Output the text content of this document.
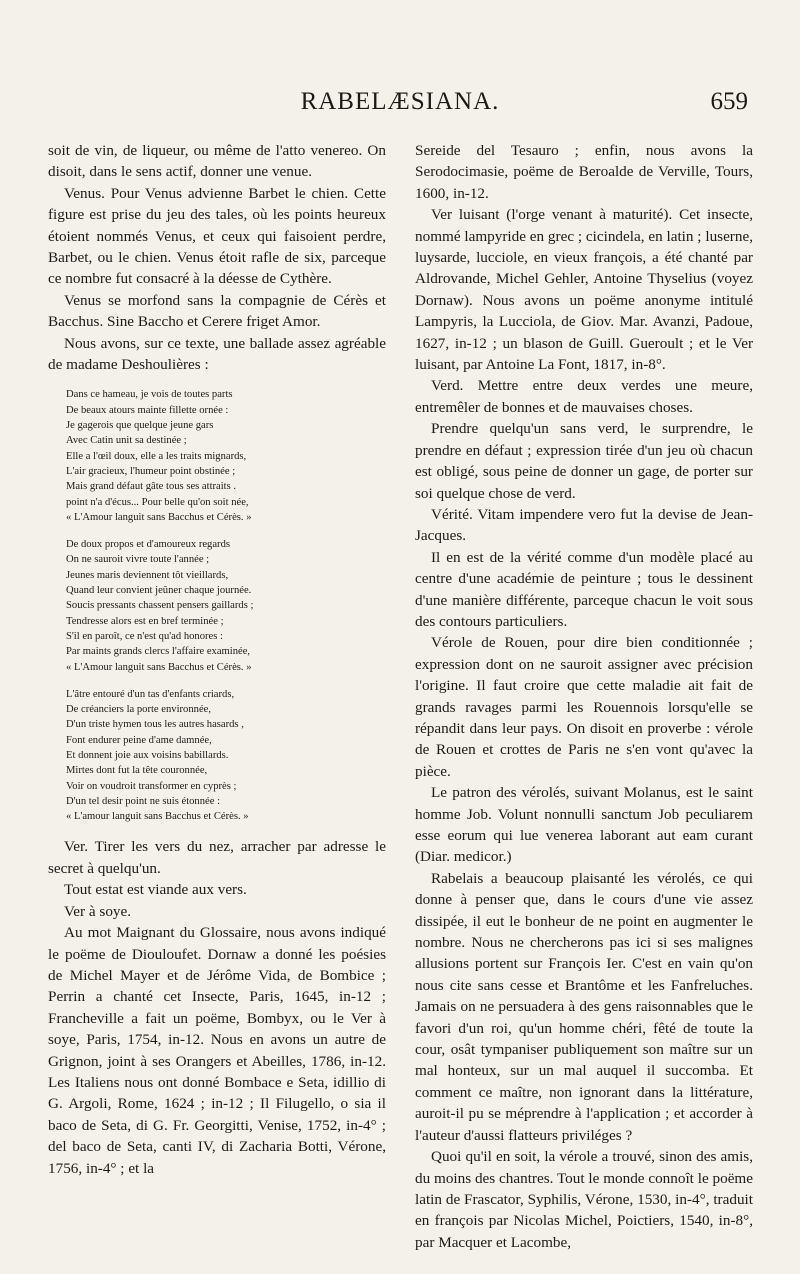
RABELÆSIANA.	659

soit de vin, de liqueur, ou même de l'atto venereo. On disoit, dans le sens actif, donner une venue.

Venus. Pour Venus advienne Barbet le chien. Cette figure est prise du jeu des tales, où les points heureux étoient nommés Venus, et ceux qui faisoient perdre, Barbet, ou le chien. Venus étoit rafle de six, parceque ce nombre fut consacré à la déesse de Cythère.

Venus se morfond sans la compagnie de Cérès et Bacchus. Sine Baccho et Cerere friget Amor.

Nous avons, sur ce texte, une ballade assez agréable de madame Deshoulières :

Dans ce hameau, je vois de toutes parts
De beaux atours mainte fillette ornée :
Je gagerois que quelque jeune gars
Avec Catin unit sa destinée ;
Elle a l'œil doux, elle a les traits mignards,
L'air gracieux, l'humeur point obstinée ;
Mais grand défaut gâte tous ses attraits .
point n'a d'écus... Pour belle qu'on soit née,
« L'Amour languit sans Bacchus et Cérès. »
De doux propos et d'amoureux regards
On ne sauroit vivre toute l'année ;
Jeunes maris deviennent tôt vieillards,
Quand leur convient jeûner chaque journée.
Soucis pressants chassent pensers gaillards ;
Tendresse alors est en bref terminée ;
S'il en paroît, ce n'est qu'ad honores :
Par maints grands clercs l'affaire examinée,
« L'Amour languit sans Bacchus et Cérès. »
L'âtre entouré d'un tas d'enfants criards,
De créanciers la porte environnée,
D'un triste hymen tous les autres hasards ,
Font endurer peine d'ame damnée,
Et donnent joie aux voisins babillards.
Mirtes dont fut la tête couronnée,
Voir on voudroit transformer en cyprès ;
D'un tel desir point ne suis étonnée :
« L'amour languit sans Bacchus et Cérès. »

Ver. Tirer les vers du nez, arracher par adresse le secret à quelqu'un.

Tout estat est viande aux vers.

Ver à soye.

Au mot Maignant du Glossaire, nous avons indiqué le poëme de Diouloufet. Dornaw a donné les poésies de Michel Mayer et de Jérôme Vida, de Bombice ; Perrin a chanté cet Insecte, Paris, 1645, in-12 ; Francheville a fait un poëme, Bombyx, ou le Ver à soye, Paris, 1754, in-12. Nous en avons un autre de Grignon, joint à ses Orangers et Abeilles, 1786, in-12. Les Italiens nous ont donné Bombace e Seta, idillio di G. Argoli, Rome, 1624 ; in-12 ; Il Filugello, o sia il baco de Seta, di G. Fr. Georgitti, Venise, 1752, in-4° ; del baco de Seta, canti IV, di Zacharia Botti, Vérone, 1756, in-4° ; et la

Sereide del Tesauro ; enfin, nous avons la Serodocimasie, poëme de Beroalde de Verville, Tours, 1600, in-12.

Ver luisant (l'orge venant à maturité). Cet insecte, nommé lampyride en grec ; cicindela, en latin ; luserne, luysarde, lucciole, en vieux françois, a été chanté par Aldrovande, Michel Gehler, Antoine Thyselius (voyez Dornaw). Nous avons un poëme anonyme intitulé Lampyris, la Lucciola, de Giov. Mar. Avanzi, Padoue, 1627, in-12 ; un blason de Guill. Gueroult ; et le Ver luisant, par Antoine La Font, 1817, in-8°.

Verd. Mettre entre deux verdes une meure, entremêler de bonnes et de mauvaises choses.

Prendre quelqu'un sans verd, le surprendre, le prendre en défaut ; expression tirée d'un jeu où chacun est obligé, sous peine de donner un gage, de porter sur soi quelque chose de verd.

Vérité. Vitam impendere vero fut la devise de Jean-Jacques.

Il en est de la vérité comme d'un modèle placé au centre d'une académie de peinture ; tous le dessinent d'une manière différente, parceque chacun le voit sous des contours particuliers.

Vérole de Rouen, pour dire bien conditionnée ; expression dont on ne sauroit assigner avec précision l'origine. Il faut croire que cette maladie ait fait de grands ravages parmi les Rouennois lorsqu'elle se répandit dans leur pays. On disoit en proverbe : vérole de Rouen et crottes de Paris ne s'en vont qu'avec la pièce.

Le patron des vérolés, suivant Molanus, est le saint homme Job. Volunt nonnulli sanctum Job peculiarem esse eorum qui lue venerea laborant aut eam curant (Diar. medicor.)

Rabelais a beaucoup plaisanté les vérolés, ce qui donne à penser que, dans le cours d'une vie assez dissipée, il eut le bonheur de ne point en augmenter le nombre. Nous ne chercherons pas ici si ses malignes allusions portent sur François Ier. C'est en vain qu'on nous cite sans cesse et Brantôme et les Fanfreluches. Jamais on ne persuadera à des gens raisonnables que le favori d'un roi, qu'un homme chéri, fêté de toute la cour, osât tympaniser publiquement son maître sur un mal honteux, sur un mal auquel il succomba. Et comment ce maître, non ignorant dans la littérature, auroit-il pu se méprendre à l'application ; et accorder à l'auteur d'aussi flatteurs priviléges ?

Quoi qu'il en soit, la vérole a trouvé, sinon des amis, du moins des chantres. Tout le monde connoît le poëme latin de Frascator, Syphilis, Vérone, 1530, in-4°, traduit en françois par Nicolas Michel, Poictiers, 1540, in-8°, par Macquer et Lacombe,
